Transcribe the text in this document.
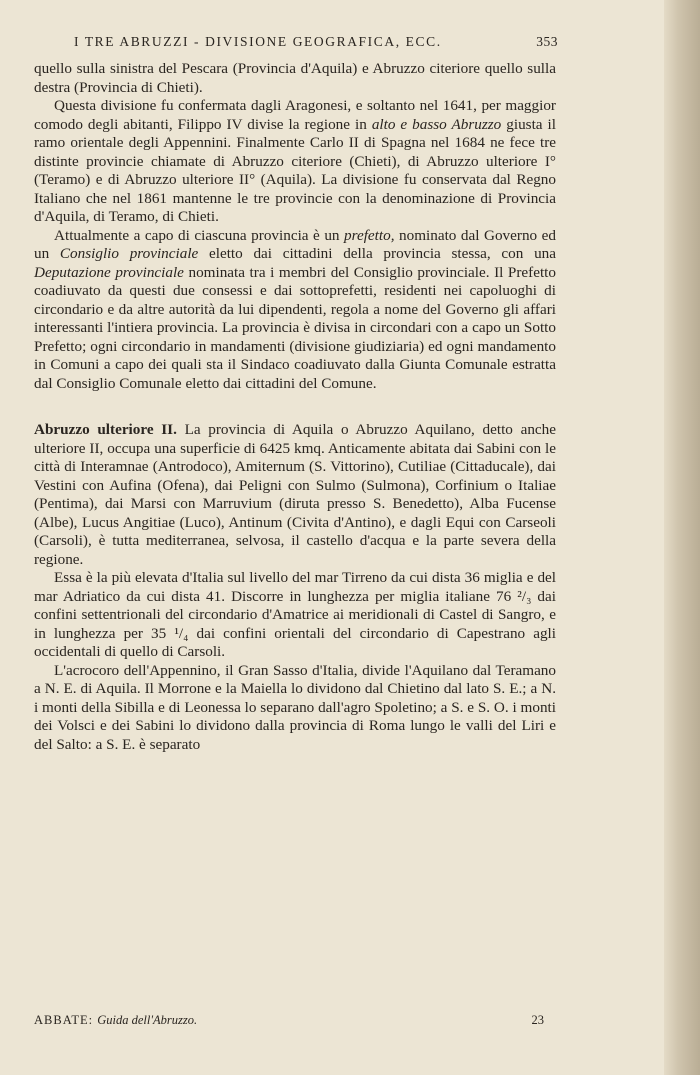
I TRE ABRUZZI - DIVISIONE GEOGRAFICA, ECC.	353

quello sulla sinistra del Pescara (Provincia d'Aquila) e Abruzzo citeriore quello sulla destra (Provincia di Chieti).

Questa divisione fu confermata dagli Aragonesi, e soltanto nel 1641, per maggior comodo degli abitanti, Filippo IV divise la regione in alto e basso Abruzzo giusta il ramo orientale degli Appennini. Finalmente Carlo II di Spagna nel 1684 ne fece tre distinte provincie chiamate di Abruzzo citeriore (Chieti), di Abruzzo ulteriore I° (Teramo) e di Abruzzo ulteriore II° (Aquila). La divisione fu conservata dal Regno Italiano che nel 1861 mantenne le tre provincie con la denominazione di Provincia d'Aquila, di Teramo, di Chieti.

Attualmente a capo di ciascuna provincia è un prefetto, nominato dal Governo ed un Consiglio provinciale eletto dai cittadini della provincia stessa, con una Deputazione provinciale nominata tra i membri del Consiglio provinciale. Il Prefetto coadiuvato da questi due consessi e dai sottoprefetti, residenti nei capoluoghi di circondario e da altre autorità da lui dipendenti, regola a nome del Governo gli affari interessanti l'intiera provincia. La provincia è divisa in circondari con a capo un Sotto Prefetto; ogni circondario in mandamenti (divisione giudiziaria) ed ogni mandamento in Comuni a capo dei quali sta il Sindaco coadiuvato dalla Giunta Comunale estratta dal Consiglio Comunale eletto dai cittadini del Comune.

Abruzzo ulteriore II. La provincia di Aquila o Abruzzo Aquilano, detto anche ulteriore II, occupa una superficie di 6425 kmq. Anticamente abitata dai Sabini con le città di Interamnae (Antrodoco), Amiternum (S. Vittorino), Cutiliae (Cittaducale), dai Vestini con Aufina (Ofena), dai Peligni con Sulmo (Sulmona), Corfinium o Italiae (Pentima), dai Marsi con Marruvium (diruta presso S. Benedetto), Alba Fucense (Albe), Lucus Angitiae (Luco), Antinum (Civita d'Antino), e dagli Equi con Carseoli (Carsoli), è tutta mediterranea, selvosa, il castello d'acqua e la parte severa della regione.

Essa è la più elevata d'Italia sul livello del mar Tirreno da cui dista 36 miglia e del mar Adriatico da cui dista 41. Discorre in lunghezza per miglia italiane 76 ²/₃ dai confini settentrionali del circondario d'Amatrice ai meridionali di Castel di Sangro, e in lunghezza per 35 ¹/₄ dai confini orientali del circondario di Capestrano agli occidentali di quello di Carsoli.

L'acrocoro dell'Appennino, il Gran Sasso d'Italia, divide l'Aquilano dal Teramano a N. E. di Aquila. Il Morrone e la Maiella lo dividono dal Chietino dal lato S. E.; a N. i monti della Sibilla e di Leonessa lo separano dall'agro Spoletino; a S. e S. O. i monti dei Volsci e dei Sabini lo dividono dalla provincia di Roma lungo le valli del Liri e del Salto: a S. E. è separato

ABBATE: Guida dell'Abruzzo.	23
